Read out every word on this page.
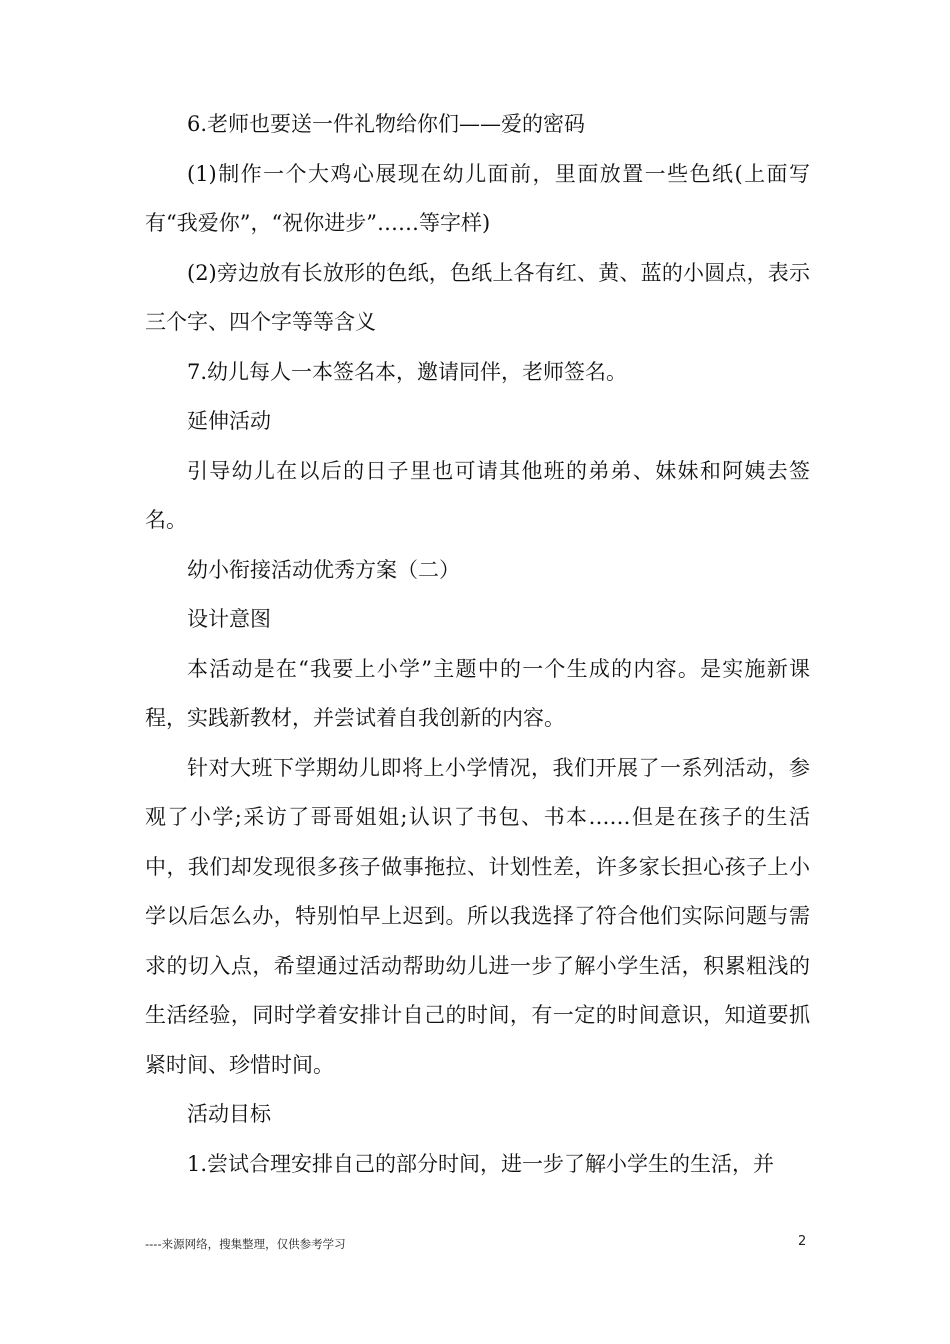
6.老师也要送一件礼物给你们——爱的密码

(1)制作一个大鸡心展现在幼儿面前，里面放置一些色纸(上面写有“我爱你”，“祝你进步”……等字样)

(2)旁边放有长放形的色纸，色纸上各有红、黄、蓝的小圆点，表示三个字、四个字等等含义

7.幼儿每人一本签名本，邀请同伴，老师签名。

延伸活动

引导幼儿在以后的日子里也可请其他班的弟弟、妹妹和阿姨去签名。

幼小衔接活动优秀方案（二）

设计意图

本活动是在“我要上小学”主题中的一个生成的内容。是实施新课程，实践新教材，并尝试着自我创新的内容。

针对大班下学期幼儿即将上小学情况，我们开展了一系列活动，参观了小学;采访了哥哥姐姐;认识了书包、书本……但是在孩子的生活中，我们却发现很多孩子做事拖拉、计划性差，许多家长担心孩子上小学以后怎么办，特别怕早上迟到。所以我选择了符合他们实际问题与需求的切入点，希望通过活动帮助幼儿进一步了解小学生活，积累粗浅的生活经验，同时学着安排计自己的时间，有一定的时间意识，知道要抓紧时间、珍惜时间。

活动目标

1.尝试合理安排自己的部分时间，进一步了解小学生的生活，并

----来源网络，搜集整理，仅供参考学习	2
